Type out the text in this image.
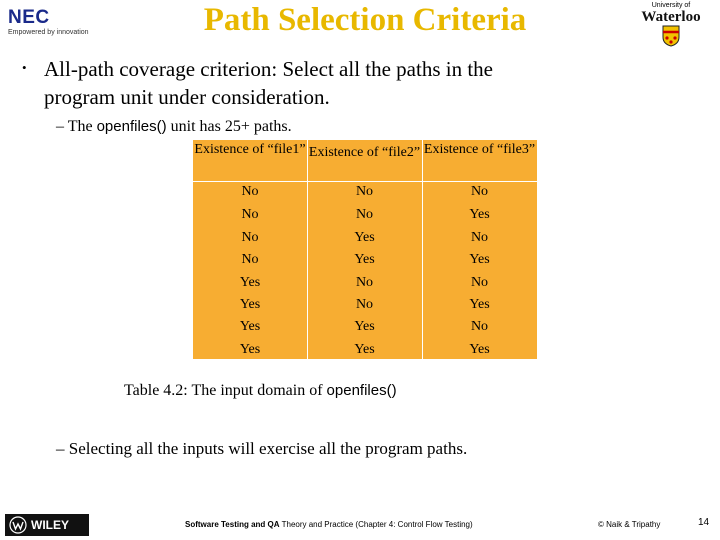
NEC
Empowered by innovation	Path Selection Criteria	University of
Waterloo
• All-path coverage criterion: Select all the paths in the program unit under consideration.
– The openfiles() unit has 25+ paths.
Existence of “file1” Existence of “file2” Existence of “file3”
No	No	No
No	No	Yes
No	Yes	No
No	Yes	Yes
Yes	No	No
Yes	No	Yes
Yes	Yes	No
Yes	Yes	Yes
Table 4.2: The input domain of openfiles()
– Selecting all the inputs will exercise all the program paths.
WILEY	Software Testing and QA Theory and Practice (Chapter 4: Control Flow Testing)	© Naik & Tripathy	14
